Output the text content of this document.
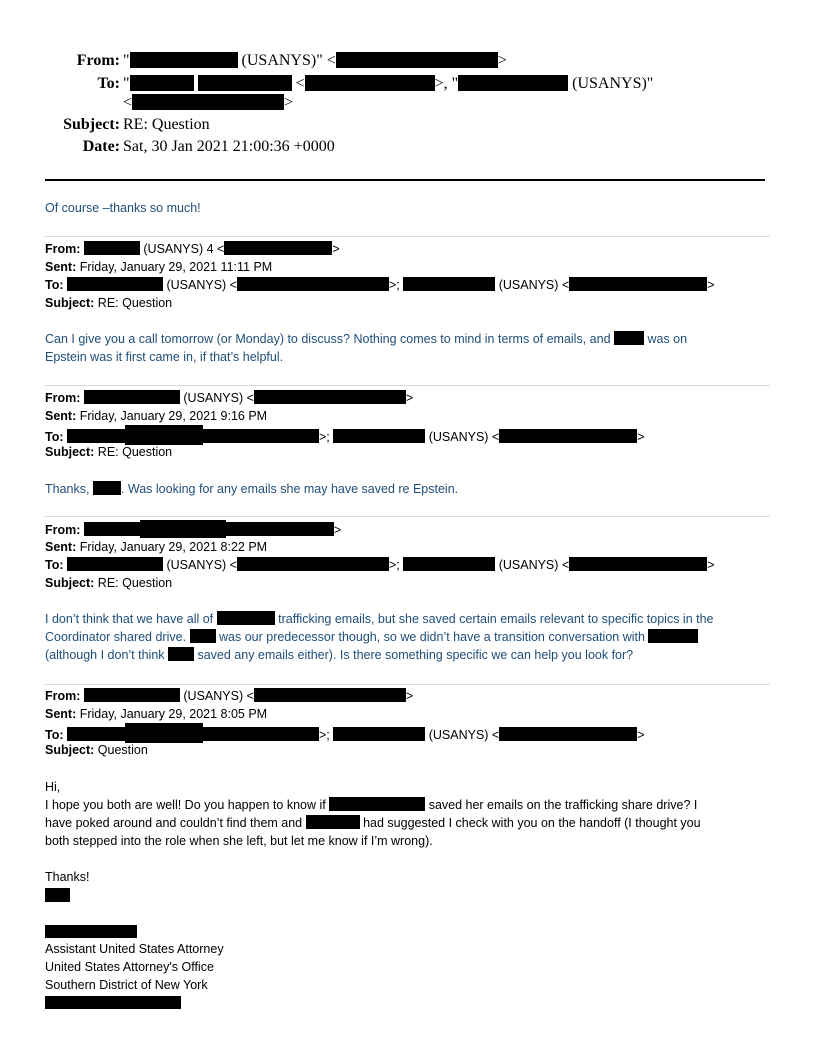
From: "	(USANYS)" <	>
To: "	<	>, "	(USANYS)"
<	>
Subject: RE: Question
Date: Sat, 30 Jan 2021 21:00:36 +0000
Of course –thanks so much!
From:	(USANYS) 4 <	>
Sent: Friday, January 29, 2021 11:11 PM
To:	(USANYS) <	>;	(USANYS) <	>
Subject: RE: Question
Can I give you a call tomorrow (or Monday) to discuss? Nothing comes to mind in terms of emails, and  was on
Epstein was it first came in, if that’s helpful.
From:	(USANYS) <	>
Sent: Friday, January 29, 2021 9:16 PM
To:	>;	(USANYS) <	>
Subject: RE: Question
Thanks, . Was looking for any emails she may have saved re Epstein.
From:	>
Sent: Friday, January 29, 2021 8:22 PM
To:	(USANYS) <	>;	(USANYS) <	>
Subject: RE: Question
I don’t think that we have all of	trafficking emails, but she saved certain emails relevant to specific topics in the
Coordinator shared drive.  was our predecessor though, so we didn’t have a transition conversation with
(although I don’t think  saved any emails either). Is there something specific we can help you look for?
From:	(USANYS) <	>
Sent: Friday, January 29, 2021 8:05 PM
To:	>;	(USANYS) <	>
Subject: Question
Hi,
I hope you both are well! Do you happen to know if	saved her emails on the trafficking share drive? I
have poked around and couldn’t find them and	had suggested I check with you on the handoff (I thought you
both stepped into the role when she left, but let me know if I’m wrong).
Thanks!
Assistant United States Attorney
United States Attorney's Office
Southern District of New York
